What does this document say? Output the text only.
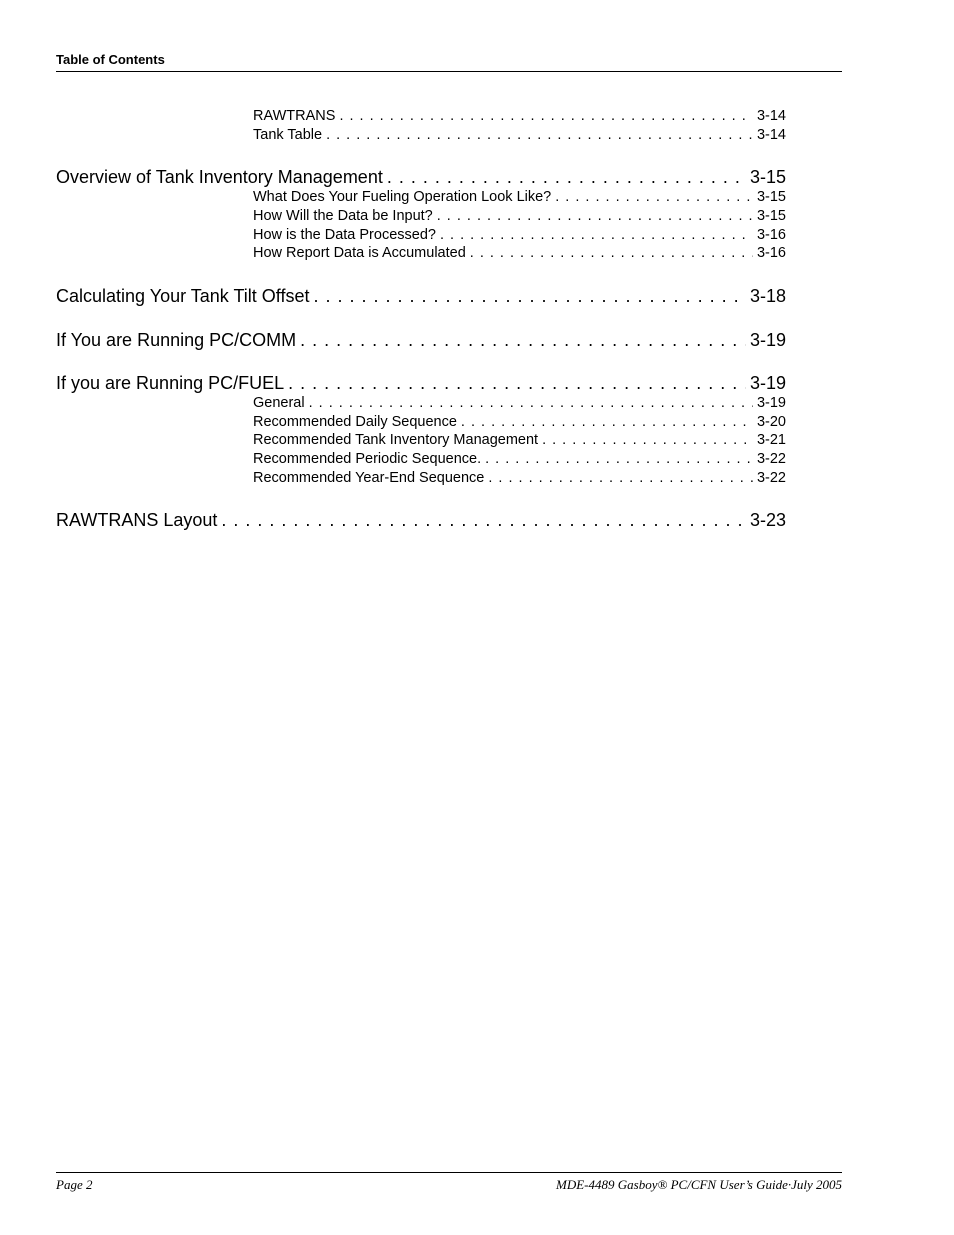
Table of Contents
RAWTRANS . . .	3-14
Tank Table . . .	3-14
Overview of Tank Inventory Management . . .	3-15
What Does Your Fueling Operation Look Like? . . .	3-15
How Will the Data be Input? . . .	3-15
How is the Data Processed? . . .	3-16
How Report Data is Accumulated . . .	3-16
Calculating Your Tank Tilt Offset . . .	3-18
If You are Running PC/COMM . . .	3-19
If you are Running PC/FUEL . . .	3-19
General . . .	3-19
Recommended Daily Sequence . . .	3-20
Recommended Tank Inventory Management . . .	3-21
Recommended Periodic Sequence. . . .	3-22
Recommended Year-End Sequence . . .	3-22
RAWTRANS Layout . . .	3-23
Page 2	MDE-4489 Gasboy® PC/CFN User’s Guide·July 2005
